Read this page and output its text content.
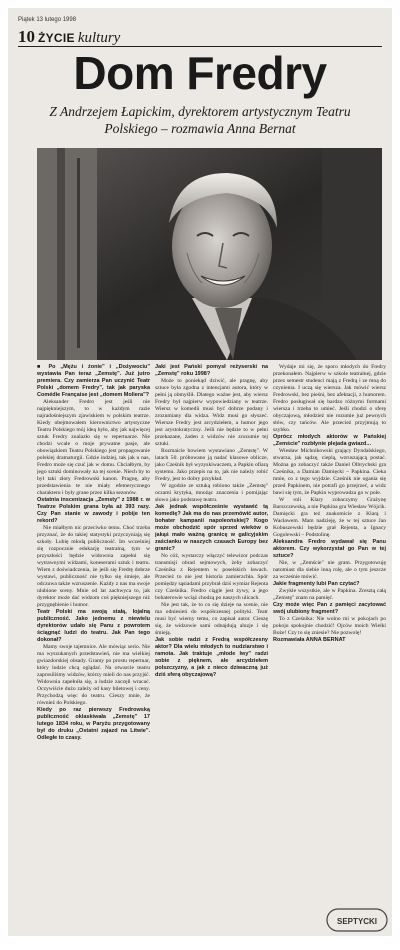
Piątek 13 lutego 1998
10 ŻYCIE kultury
Dom Fredry
Z Andrzejem Łapickim, dyrektorem artystycznym Teatru Polskiego – rozmawia Anna Bernat

■ Po „Mężu i żonie" i „Dożywociu" wystawia Pan teraz „Zemstę". Już jutro premiera. Czy zamierza Pan uczynić Teatr Polski „domem Fredry", tak jak paryska Comédie Française jest „domem Moliera"?

Aleksander Fredro jest jeśli nie najpiękniejszym, to w każdym razie najradośniejszym zjawiskiem w polskim teatrze. Kiedy obejmowałem kierownictwo artystyczne Teatru Polskiego mój ideą było, aby jak najwięcej sztuk Fredry znalazło się w repertuarze. Nie chodzi wcale o moje prywatne pasje, ale obowiązkiem Teatru Polskiego jest propagowanie polskiej dramaturgii. Gdzie indziej, tak jak u nas, Fredro może się czuć jak w domu. Chciałbym, by jego sztuki dominowały na tej scenie. Niech by to był taki złoty Fredrowski kanon. Pragnę, aby przedstawienia te nie miały efemerycznego charakteru i były grane przez kilka sezonów.

Ostatnia inscenizacja „Zemsty" z 1988 r. w Teatrze Polskim grana była aż 393 razy. Czy Pan stanie w zawody i pobije ten rekord?

Nie miałbym nic przeciwko temu. Choć trzeba przyznać, że do takiej statystyki przyczyniają się szkoły. Lubię młodą publiczność. Im wcześniej się rozpocznie edukację teatralną, tym w przyszłości będzie widownia zapełni się wytrawnymi widzami, koneserami sztuk i teatru. Wiem z doświadczenia, że jeśli się Fredrę dobrze wystawi, publiczność nie tylko się śmieje, ale odczuwa także wzruszenie. Każdy z nas ma swoje ulubione sceny. Mnie od lat zachwyca to, jak dyrektor może dać widzom coś piękniejszego niż przygnębienie i humor.

Teatr Polski ma swoją stałą, lojalną publiczność. Jako jednemu z niewielu dyrektorów udało się Panu z powrotem ściągnąć ludzi do teatru. Jak Pan tego dokonał?

Mamy swoje tajemnice. Ale mówiąc serio. Nie ma wyszukanych przedstawień, nie ma wielkiej gwiazdorskiej obsady. Gramy po prostu repertuar, który ludzie chcą oglądać. Na otwarcie teatru zaprosiliśmy widzów, którzy mieli do nas przyjść. Widownia zapełniła się, a ludzie zaczęli wracać. Oczywiście dużo zależy od kasy biletowej i ceny. Przychodzą więc do teatru. Cieszy mnie, że również do Polskiego.

Kiedy po raz pierwszy Fredrowską publiczność oklaskiwała „Zemstę" 17 lutego 1834 roku, w Paryżu przygotowany był do druku „Ostatni zajazd na Litwie". Odległe to czasy.

Jaki jest Pański pomysł reżyserski na „Zemstę" roku 1998?

Może to poniekąd dziwić, ale pragnę, aby sztuce była zgodna z intencjami autora, który w pełni ją obmyślił. Dlatego ważne jest, aby wiersz Fredry był najpierw wypowiedziany w teatrze. Wiersz w komedii musi być dobrze podany i zrozumiany dla widza. Widz musi go słyszeć. Wiersze Fredry jest arcydziełem, a humor jego jest arystokratyczny. Jeśli nie będzie to w pełni przekazane, żaden z widzów nie zrozumie tej sztuki.

Rozmaicie bowiem wystawiano „Zemstę". W latach 50. próbowano ją nadać klasowe oblicze, jako Cześnik był wyzyskiwaczem, a Papkin ofiarą systemu. Jako przepis na to, jak nie należy robić Fredry, jest to dobry przykład.

W zgodzie ze sztuką robiono także „Zemstę" oczami krytyka, mnożąc znaczenia i pomijając słowo jako podstawę teatru.

Jak jednak współcześnie wystawić tą komedię? Jak ma do nas przemówić autor, bohater kampanii napoleońskiej? Kogo może obchodzić spór sprzed wieków o jakąś mało ważną granicę w galicyjskim zaścianku w naszych czasach Europy bez granic?

No cóż, wystarczy włączyć telewizor podczas transmisji obrad sejmowych, żeby zobaczyć Cześnika z Rejentem w poselskich ławach. Przecież to nie jest historia zamierzchła. Spór pomiędzy sąsiadami przybrał dziś wymiar Rejenta czy Cześnika. Fredro ciągle jest żywy, a jego bohaterowie wciąż chodzą po naszych ulicach.

Nie jest tak, że to co się dzieje na scenie, nie ma odniesień do współczesnej polityki. Teatr musi być wierny temu, co zapisał autor. Cieszę się, że widzowie sami odnajdują aluzje i się śmieją.

Jak sobie radzi z Fredrą współczesny aktor? Dla wielu młodych to nudziarstwo i ramota. Jak traktuje „młode lwy" radzi sobie z pięknem, ale arcydziełem polszczyzny, a jak z nieco dziwaczną już dziś sferą obyczajową?

Wydaje mi się, że sporo młodych do Fredry przekonałem. Najpierw w szkole teatralnej, gdzie przez semestr studenci mają z Fredrą i ze mną do czynienia. I uczą się wiersza. Jak mówić wiersz Fredrowski, bez pieśni, bez afektacji, z humorem. Fredro posługiwał się bardzo różnymi formami wiersza i trzeba to umieć. Jeśli chodzi o sferę obyczajową, młodzież nie rozumie już pewnych słów, czy tańców. Ale przecież przyjmują to szybko.

Oprócz młodych aktorów w Pańskiej „Zemście" rozbłynie plejada gwiazd...

Wiesław Michnikowski grający Dyndalskiego, stwarza, jak sądzę, cieplą, wzruszającą postać. Można go zobaczyć także Daniel Olbrychski gra Cześnika, a Damian Damięcki – Papkina. Cieka mnie, co z tego wyjdzie. Cześnik nie ogania się przed Papkinem, nie potrafi go przejrzeć, a widz bawi się tym, że Papkin wyprowadza go w pole.

W roli Klary zobaczymy Grażynę Barszczewską, a nie Papkina gra Wiesław Wójcik. Damięcki gra też znakomicie z Klarą i Wacławem. Mam nadzieję, że w tej sztuce Jan Kobuszewski będzie grał Rejenta, a Ignacy Gogolewski – Podstolinę.

Aleksandra Fredro wydawał się Panu aktorem. Czy wykorzystał go Pan w tej sztuce?

Nie, w „Zemście" nie gram. Przygotowuję natomiast dla siebie inną rolę, ale o tym jeszcze za wcześnie mówić.

Jakie fragmenty lubi Pan czytać?

Zwykle wszystkie, ale w Papkina. Zresztą całą „Zemstę" znam na pamięć.

Czy może więc Pan z pamięci zacytować swój ulubiony fragment?

To z Cześnika: Nie wolno mi w pokojach po pokoju spokojnie chodzić! Ojców moich Wielki Boże! Czy to się zniesie? Nie pozwolę!

Rozmawiała ANNA BERNAT

SEPTYCKI
